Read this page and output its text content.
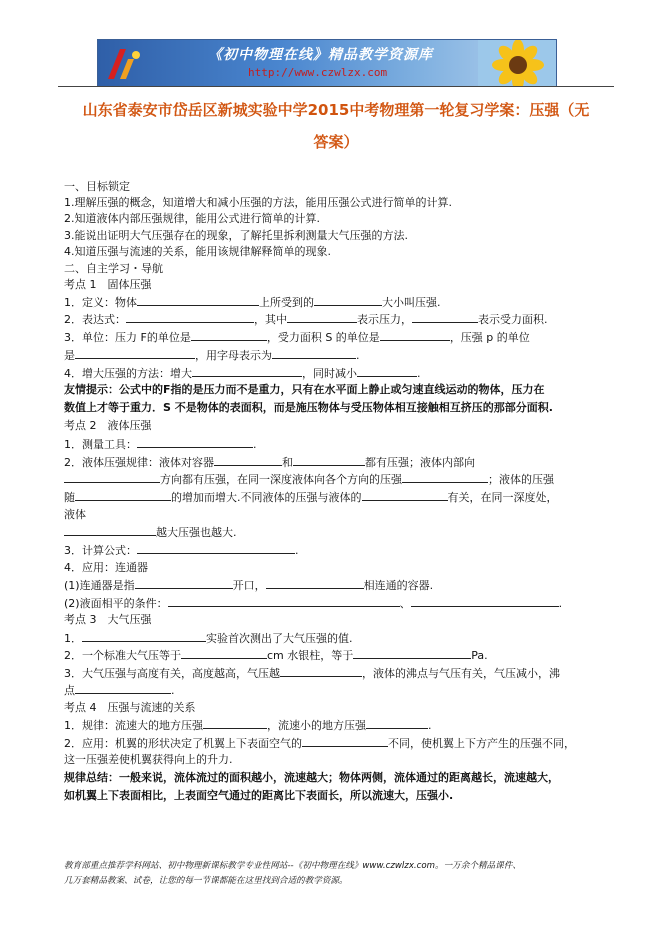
《初中物理在线》精品教学资源库
http://www.czwlzx.com
山东省泰安市岱岳区新城实验中学2015中考物理第一轮复习学案：压强（无
答案）
一、目标锁定
1.理解压强的概念，知道增大和减小压强的方法，能用压强公式进行简单的计算.
2.知道液体内部压强规律，能用公式进行简单的计算.
3.能说出证明大气压强存在的现象，了解托里拆利测量大气压强的方法.
4.知道压强与流速的关系，能用该规律解释简单的现象.
二、自主学习・导航
考点 1　固体压强
1．定义：物体	上所受到的	大小叫压强.
2．表达式：	，其中	表示压力，	表示受力面积.
3．单位：压力 F的单位是	，受力面积 S 的单位是	，压强 p 的单位
是	，用字母表示为	.
4．增大压强的方法：增大	，同时减小	.
友情提示：公式中的F指的是压力而不是重力，只有在水平面上静止或匀速直线运动的物体，压力在
数值上才等于重力．S 不是物体的表面积，而是施压物体与受压物体相互接触相互挤压的那部分面积.
考点 2　液体压强
1．测量工具：	.
2．液体压强规律：液体对容器	和	都有压强；液体内部向
方向都有压强，在同一深度液体向各个方向的压强	；液体的压强
随	的增加而增大.不同液体的压强与液体的	有关，在同一深度处，
液体
越大压强也越大.
3．计算公式：	.
4．应用：连通器
(1)连通器是指	开口，	相连通的容器.
(2)液面相平的条件：	、	.
考点 3　大气压强
1．	实验首次测出了大气压强的值.
2．一个标准大气压等于	cm 水银柱，等于	Pa.
3．大气压强与高度有关，高度越高，气压越	，液体的沸点与气压有关，气压减小，沸
点	.
考点 4　压强与流速的关系
1．规律：流速大的地方压强	，流速小的地方压强	.
2．应用：机翼的形状决定了机翼上下表面空气的	不同，使机翼上下方产生的压强不同，
这一压强差使机翼获得向上的升力.
规律总结：一般来说，流体流过的面积越小，流速越大；物体两侧，流体通过的距离越长，流速越大，
如机翼上下表面相比，上表面空气通过的距离比下表面长，所以流速大，压强小.
教育部重点推荐学科网站、初中物理新课标教学专业性网站--《初中物理在线》www.czwlzx.com。一万余个精品课件、
几万套精品教案、试卷，让您的每一节课都能在这里找到合适的教学资源。
